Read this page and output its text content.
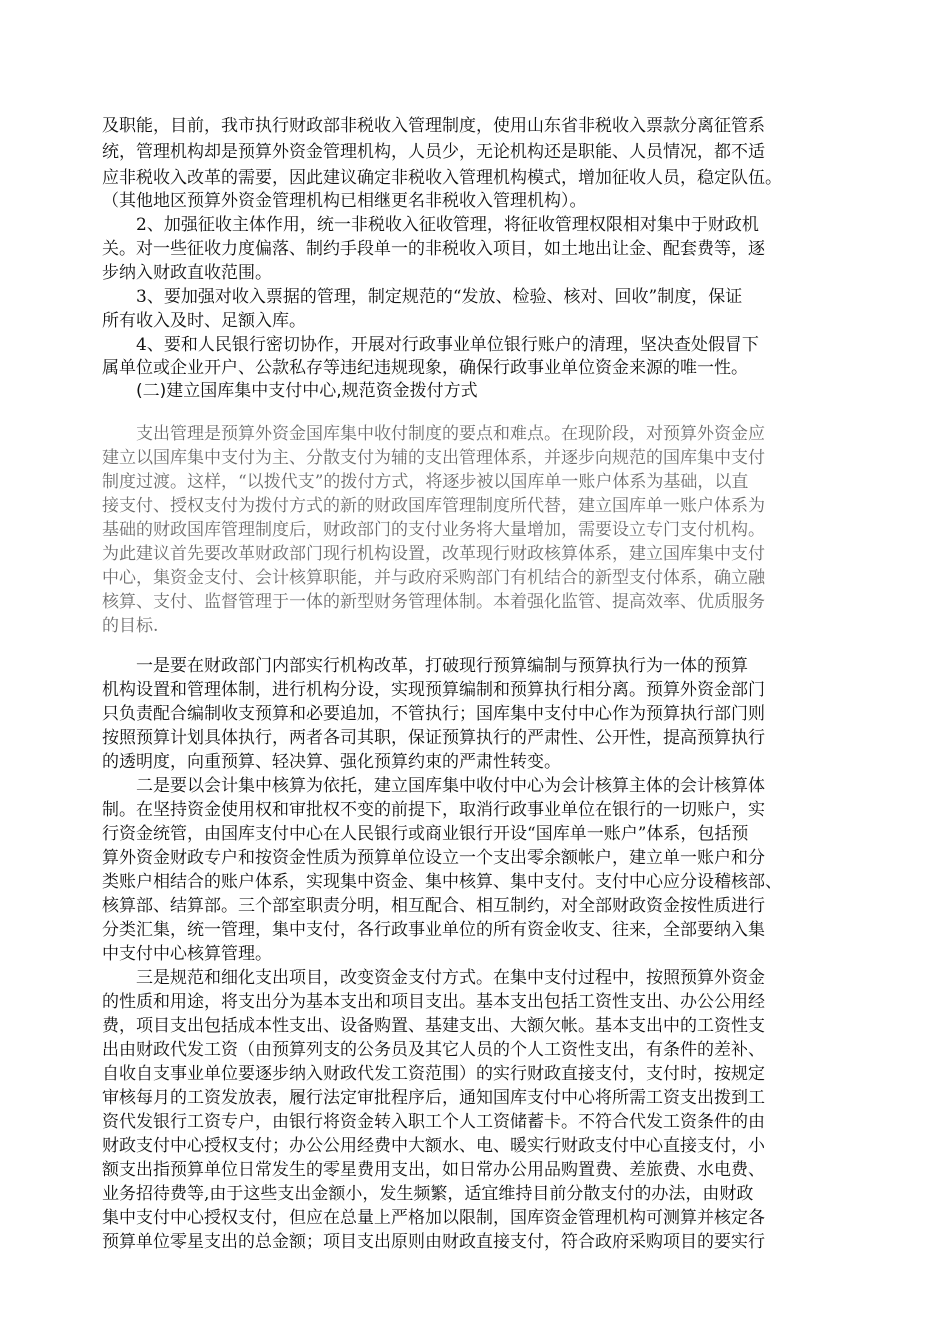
及职能，目前，我市执行财政部非税收入管理制度，使用山东省非税收入票款分离征管系
统，管理机构却是预算外资金管理机构，人员少，无论机构还是职能、人员情况，都不适
应非税收入改革的需要，因此建议确定非税收入管理机构模式，增加征收人员，稳定队伍。
（其他地区预算外资金管理机构已相继更名非税收入管理机构）。
　　2、加强征收主体作用，统一非税收入征收管理，将征收管理权限相对集中于财政机
关。对一些征收力度偏落、制约手段单一的非税收入项目，如土地出让金、配套费等，逐
步纳入财政直收范围。
　　3、要加强对收入票据的管理，制定规范的“发放、检验、核对、回收”制度，保证
所有收入及时、足额入库。
　　4、要和人民银行密切协作，开展对行政事业单位银行账户的清理，坚决查处假冒下
属单位或企业开户、公款私存等违纪违规现象，确保行政事业单位资金来源的唯一性。
　　(二)建立国库集中支付中心,规范资金拨付方式
　　支出管理是预算外资金国库集中收付制度的要点和难点。在现阶段，对预算外资金应
建立以国库集中支付为主、分散支付为辅的支出管理体系，并逐步向规范的国库集中支付
制度过渡。这样，“以拨代支”的拨付方式，将逐步被以国库单一账户体系为基础，以直
接支付、授权支付为拨付方式的新的财政国库管理制度所代替，建立国库单一账户体系为
基础的财政国库管理制度后，财政部门的支付业务将大量增加，需要设立专门支付机构。
为此建议首先要改革财政部门现行机构设置，改革现行财政核算体系，建立国库集中支付
中心，集资金支付、会计核算职能，并与政府采购部门有机结合的新型支付体系，确立融
核算、支付、监督管理于一体的新型财务管理体制。本着强化监管、提高效率、优质服务
的目标.
　　一是要在财政部门内部实行机构改革，打破现行预算编制与预算执行为一体的预算
机构设置和管理体制，进行机构分设，实现预算编制和预算执行相分离。预算外资金部门
只负责配合编制收支预算和必要追加，不管执行；国库集中支付中心作为预算执行部门则
按照预算计划具体执行，两者各司其职，保证预算执行的严肃性、公开性，提高预算执行
的透明度，向重预算、轻决算、强化预算约束的严肃性转变。
　　二是要以会计集中核算为依托，建立国库集中收付中心为会计核算主体的会计核算体
制。在坚持资金使用权和审批权不变的前提下，取消行政事业单位在银行的一切账户，实
行资金统管，由国库支付中心在人民银行或商业银行开设“国库单一账户”体系，包括预
算外资金财政专户和按资金性质为预算单位设立一个支出零余额帐户，建立单一账户和分
类账户相结合的账户体系，实现集中资金、集中核算、集中支付。支付中心应分设稽核部、
核算部、结算部。三个部室职责分明，相互配合、相互制约，对全部财政资金按性质进行
分类汇集，统一管理，集中支付，各行政事业单位的所有资金收支、往来，全部要纳入集
中支付中心核算管理。
　　三是规范和细化支出项目，改变资金支付方式。在集中支付过程中，按照预算外资金
的性质和用途，将支出分为基本支出和项目支出。基本支出包括工资性支出、办公公用经
费，项目支出包括成本性支出、设备购置、基建支出、大额欠帐。基本支出中的工资性支
出由财政代发工资（由预算列支的公务员及其它人员的个人工资性支出，有条件的差补、
自收自支事业单位要逐步纳入财政代发工资范围）的实行财政直接支付，支付时，按规定
审核每月的工资发放表，履行法定审批程序后，通知国库支付中心将所需工资支出拨到工
资代发银行工资专户，由银行将资金转入职工个人工资储蓄卡。不符合代发工资条件的由
财政支付中心授权支付；办公公用经费中大额水、电、暖实行财政支付中心直接支付，小
额支出指预算单位日常发生的零星费用支出，如日常办公用品购置费、差旅费、水电费、
业务招待费等,由于这些支出金额小，发生频繁，适宜维持目前分散支付的办法，由财政
集中支付中心授权支付，但应在总量上严格加以限制，国库资金管理机构可测算并核定各
预算单位零星支出的总金额；项目支出原则由财政直接支付，符合政府采购项目的要实行
